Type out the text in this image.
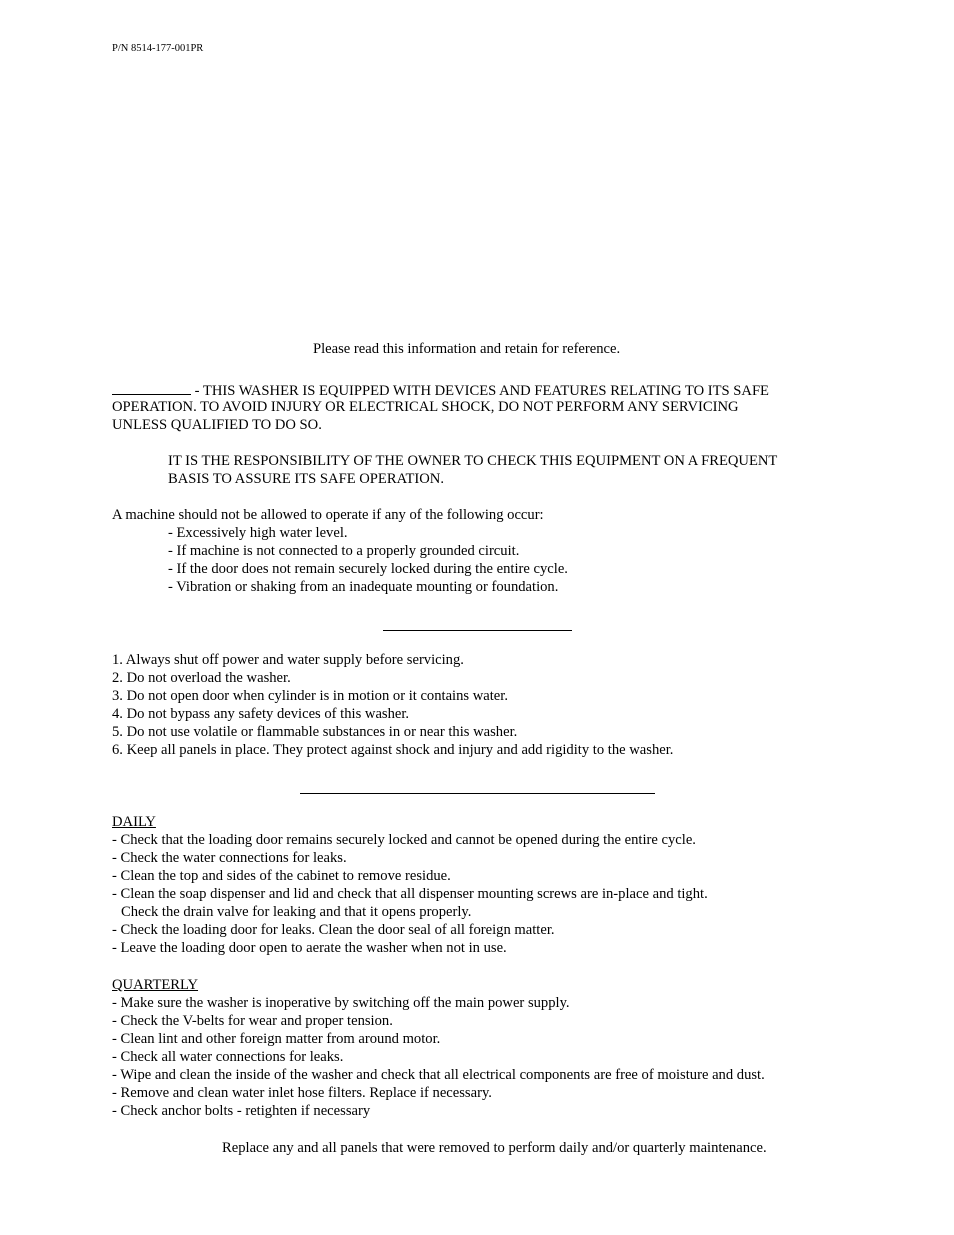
P/N 8514-177-001PR
Please read this information and retain for reference.
- THIS WASHER IS EQUIPPED WITH DEVICES AND FEATURES RELATING TO ITS SAFE
OPERATION. TO AVOID INJURY OR ELECTRICAL SHOCK, DO NOT PERFORM ANY SERVICING
UNLESS QUALIFIED TO DO SO.
IT IS THE RESPONSIBILITY OF THE OWNER TO CHECK THIS EQUIPMENT ON A FREQUENT
BASIS TO ASSURE ITS SAFE OPERATION.
A machine should not be allowed to operate if any of the following occur:
- Excessively high water level.
- If machine is not connected to a properly grounded circuit.
- If the door does not remain securely locked during the entire cycle.
- Vibration or shaking from an inadequate mounting or foundation.
1. Always shut off power and water supply before servicing.
2. Do not overload the washer.
3. Do not open door when cylinder is in motion or it contains water.
4. Do not bypass any safety devices of this washer.
5. Do not use volatile or flammable substances in or near this washer.
6. Keep all panels in place. They protect against shock and injury and add rigidity to the washer.
DAILY
- Check that the loading door remains securely locked and cannot be opened during the entire cycle.
- Check the water connections for leaks.
- Clean the top and sides of the cabinet to remove residue.
- Clean the soap dispenser and lid and check that all dispenser mounting screws are in-place and tight.
Check the drain valve for leaking and that it opens properly.
- Check the loading door for leaks. Clean the door seal of all foreign matter.
- Leave the loading door open to aerate the washer when not in use.
QUARTERLY
- Make sure the washer is inoperative by switching off the main power supply.
- Check the V-belts for wear and proper tension.
- Clean lint and other foreign matter from around motor.
- Check all water connections for leaks.
- Wipe and clean the inside of the washer and check that all electrical components are free of moisture and dust.
- Remove and clean water inlet hose filters. Replace if necessary.
- Check anchor bolts - retighten if necessary
Replace any and all panels that were removed to perform daily and/or quarterly maintenance.
